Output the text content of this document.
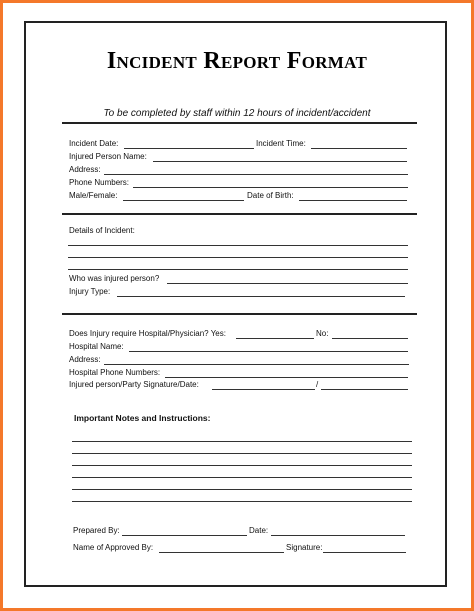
Incident Report Format
To be completed by staff within 12 hours of incident/accident
Incident Date:	Incident Time:
Injured Person Name:
Address:
Phone Numbers:
Male/Female:	Date of Birth:
Details of Incident:
Who was injured person?
Injury Type:
Does Injury require Hospital/Physician? Yes:	No:
Hospital Name:
Address:
Hospital Phone Numbers:
Injured person/Party Signature/Date:	/
Important Notes and Instructions:
Prepared By:	Date:
Name of Approved By:	Signature:
